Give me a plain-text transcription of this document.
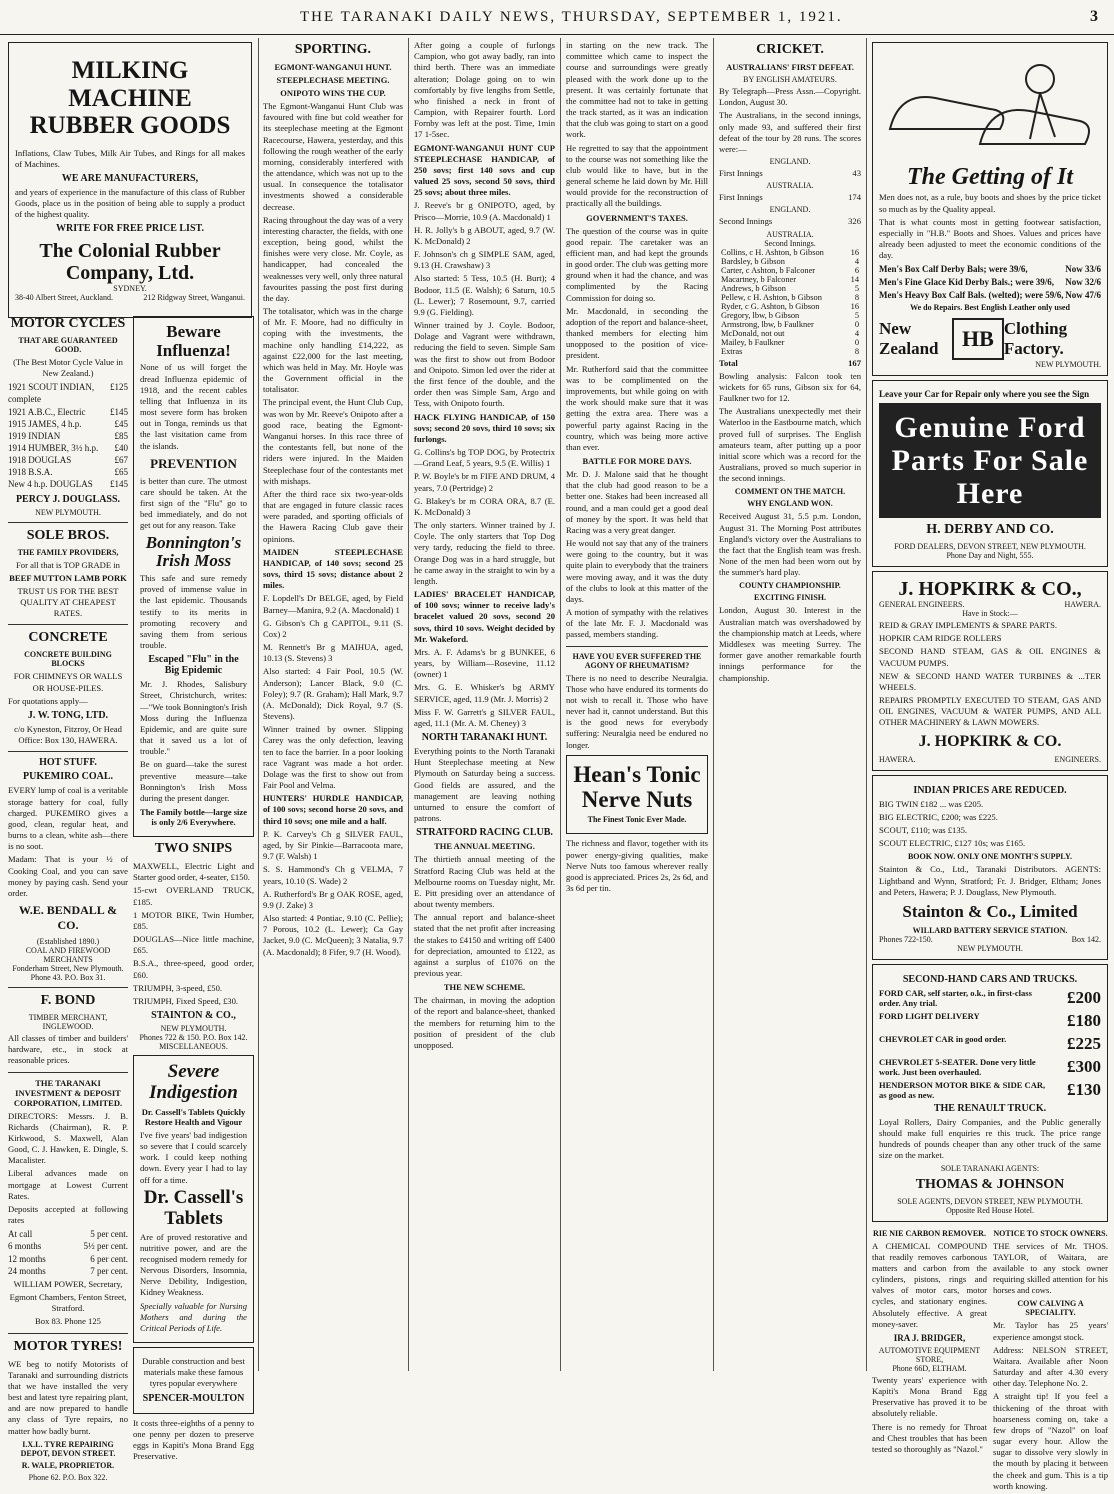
THE TARANAKI DAILY NEWS, THURSDAY, SEPTEMBER 1, 1921.	3
MILKING MACHINE RUBBER GOODS
Inflations, Claw Tubes, Milk Air Tubes, and Rings for all makes of Machines.
WE ARE MANUFACTURERS,
and years of experience in the manufacture of this class of Rubber Goods, place us in the position of being able to supply a product of the highest quality.
WRITE FOR FREE PRICE LIST.
The Colonial Rubber Company, Ltd.
SYDNEY.
38-40 Albert Street, Auckland.	212 Ridgway Street, Wanganui.
MOTOR CYCLES
THAT ARE GUARANTEED GOOD.
(The Best Motor Cycle Value in New Zealand.)
1921 SCOUT INDIAN, complete
£125
1921 A.B.C., Electric	£145
1915 JAMES, 4 h.p.	£45
1919 INDIAN	£85
1914 HUMBER, 3½ h.p. £40
1918 DOUGLAS	£67
1918 B.S.A.	£65
New 4 h.p. DOUGLAS £145
PERCY J. DOUGLASS.
NEW PLYMOUTH.
SOLE BROS.
THE FAMILY PROVIDERS,
For all that is TOP GRADE in
BEEF MUTTON LAMB PORK
TRUST US FOR THE BEST QUALITY AT CHEAPEST RATES.
CONCRETE
CONCRETE BUILDING BLOCKS
FOR CHIMNEYS OR WALLS OR HOUSE-PILES.
For quotations apply—
J. W. TONG, LTD.
c/o Kyneston, Fitzroy, Or Head Office: Box 130, HAWERA.
HOT STUFF.
PUKEMIRO COAL.
EVERY lump of coal is a veritable storage battery for coal, fully charged. PUKEMIRO gives a good, clean, regular heat, and burns to a clean, white ash—there is no soot.
Madam: That is your ½ of Cooking Coal, and you can save money by paying cash. Send your order.
W.E. BENDALL & CO.
(Established 1890.)
COAL AND FIREWOOD MERCHANTS
Fonderham Street, New Plymouth.
Phone 43. P.O. Box 31.
F. BOND
TIMBER MERCHANT, INGLEWOOD.
All classes of timber and builders' hardware, etc., in stock at reasonable prices.
THE TARANAKI INVESTMENT & DEPOSIT CORPORATION, LIMITED.
DIRECTORS: Messrs. J. B. Richards (Chairman), R. P. Kirkwood, S. Maxwell, Alan Good, C. J. Hawken, E. Dingle, S. Macalister.
Liberal advances made on mortgage at Lowest Current Rates.
Deposits accepted at following rates
At call	5 per cent.
6 months	5½ per cent.
12 months	6 per cent.
24 months	7 per cent.
WILLIAM POWER, Secretary,
Egmont Chambers, Fenton Street, Stratford.
Box 83. Phone 125
MOTOR TYRES!
WE beg to notify Motorists of Taranaki and surrounding districts that we have installed the very best and latest tyre repairing plant, and are now prepared to handle any class of Tyre repairs, no matter how badly burnt.
I.X.L. TYRE REPAIRING DEPOT, DEVON STREET.
R. WALE, PROPRIETOR.
Phone 62. P.O. Box 322.
Beware Influenza!
None of us will forget the dread Influenza epidemic of 1918, and the recent cables telling that Influenza in its most severe form has broken out in Tonga, reminds us that the last visitation came from the islands.
PREVENTION
is better than cure. The utmost care should be taken. At the first sign of the "Flu" go to bed immediately, and do not get out for any reason. Take
Bonnington's Irish Moss
This safe and sure remedy proved of immense value in the last epidemic. Thousands testify to its merits in promoting recovery and saving them from serious trouble.
Escaped "Flu" in the Big Epidemic
Mr. J. Rhodes, Salisbury Street, Christchurch, writes:—"We took Bonnington's Irish Moss during the Influenza Epidemic, and are quite sure that it saved us a lot of trouble."
Be on guard—take the surest preventive measure—take Bonnington's Irish Moss during the present danger.
The Family bottle—large size is only 2/6 Everywhere.
TWO SNIPS
MAXWELL, Electric Light and Starter good order, 4-seater, £150.
15-cwt OVERLAND TRUCK, £185.
1 MOTOR BIKE, Twin Humber, £85.
DOUGLAS—Nice little machine, £65.
B.S.A., three-speed, good order, £60.
TRIUMPH, 3-speed, £50.
TRIUMPH, Fixed Speed, £30.
STAINTON & CO.,
NEW PLYMOUTH.
Phones 722 & 150. P.O. Box 142.
MISCELLANEOUS.
Severe Indigestion
Dr. Cassell's Tablets Quickly Restore Health and Vigour
I've five years' bad indigestion so severe that I could scarcely work. I could keep nothing down. Every year I had to lay off for a time.
Dr. Cassell's Tablets
Are of proved restorative and nutritive power, and are the recognised modern remedy for Nervous Disorders, Insomnia, Nerve Debility, Indigestion, Kidney Weakness.
Specially valuable for Nursing Mothers and during the Critical Periods of Life.
Durable construction and best materials make these famous tyres popular everywhere
SPENCER-MOULTON
It costs three-eighths of a penny to one penny per dozen to preserve eggs in Kapiti's Mona Brand Egg Preservative.
SPORTING.
EGMONT-WANGANUI HUNT.
STEEPLECHASE MEETING.
ONIPOTO WINS THE CUP.
The Egmont-Wanganui Hunt Club was favoured with fine but cold weather for its steeplechase meeting at the Egmont Racecourse, Hawera, yesterday, and this following the rough weather of the early morning, considerably interfered with the attendance, which was not up to the usual. In consequence the totalisator investments showed a considerable decrease.
Racing throughout the day was of a very interesting character, the fields, with one exception, being good, whilst the finishes were very close. Mr. Coyle, as handicapper, had concealed the weaknesses very well, only three natural favourites passing the post first during the day.
The totalisator, which was in the charge of Mr. F. Moore, had no difficulty in coping with the investments, the machine only handling £14,222, as against £22,000 for the last meeting, which was held in May. Mr. Hoyle was the Government official in the totalisator.
The principal event, the Hunt Club Cup, was won by Mr. Reeve's Onipoto after a good race, beating the Egmont-Wanganui horses. In this race three of the contestants fell, but none of the riders were injured. In the Maiden Steeplechase four of the contestants met with mishaps.
After the third race six two-year-olds that are engaged in future classic races were paraded, and sporting officials of the Hawera Racing Club gave their opinions.
MAIDEN STEEPLECHASE HANDICAP, of 140 sovs; second 25 sovs, third 15 sovs; distance about 2 miles.
F. Lopdell's Dr BELGE, aged, by Field Barney—Manira, 9.2 (A. Macdonald) 1
G. Gibson's Ch g CAPITOL, 9.11 (S. Cox) 2
M. Rennett's Br g MAIHUA, aged, 10.13 (S. Stevens) 3
Also started: 4 Fair Pool, 10.5 (W. Anderson); Lancer Black, 9.0 (C. Foley); 9.7 (R. Graham); Hall Mark, 9.7 (A. McDonald); Dick Royal, 9.7 (S. Stevens).
Winner trained by owner. Slipping Carey was the only defection, leaving ten to face the barrier. In a poor looking race Vagrant was made a hot order. Dolage was the first to show out from Fair Pool and Velma.
HUNTERS' HURDLE HANDICAP, of 100 sovs; second horse 20 sovs, and third 10 sovs; one mile and a half.
P. K. Carvey's Ch g SILVER FAUL, aged, by Sir Pinkie—Barracoota mare, 9.7 (F. Walsh) 1
S. S. Hammond's Ch g VELMA, 7 years, 10.10 (S. Wade) 2
A. Rutherford's Br g OAK ROSE, aged, 9.9 (J. Zake) 3
Also started: 4 Pontiac, 9.10 (C. Pellie); 7 Porous, 10.2 (L. Lewer); Ca Gay Jacket, 9.0 (C. McQueen); 3 Natalia, 9.7 (A. Macdonald); 8 Fifer, 9.7 (H. Wood).
After going a couple of furlongs Campion, who got away badly, ran into third berth. There was an immediate alteration; Dolage going on to win comfortably by five lengths from Settle, who finished a neck in front of Campion, with Repairer fourth. Lord Fornby was left at the post. Time, 1min 17 1-5sec.
EGMONT-WANGANUI HUNT CUP STEEPLECHASE HANDICAP, of 250 sovs; first 140 sovs and cup valued 25 sovs, second 50 sovs, third 25 sovs; about three miles.
J. Reeve's br g ONIPOTO, aged, by Prisco—Morrie, 10.9 (A. Macdonald) 1
H. R. Jolly's b g ABOUT, aged, 9.7 (W. K. McDonald) 2
F. Johnson's ch g SIMPLE SAM, aged, 9.13 (H. Crawshaw) 3
Also started: 5 Tess, 10.5 (H. Burt); 4 Bodoor, 11.5 (E. Walsh); 6 Saturn, 10.5 (L. Lewer); 7 Rosemount, 9.7, carried 9.9 (G. Fielding).
Winner trained by J. Coyle. Bodoor, Dolage and Vagrant were withdrawn, reducing the field to seven. Simple Sam was the first to show out from Bodoor and Onipoto. Simon led over the rider at the first fence of the double, and the order then was Simple Sam, Argo and Tess, with Onipoto fourth.
HACK FLYING HANDICAP, of 150 sovs; second 20 sovs, third 10 sovs; six furlongs.
G. Collins's bg TOP DOG, by Protectrix—Grand Leaf, 5 years, 9.5 (E. Willis) 1
P. W. Boyle's br m FIFE AND DRUM, 4 years, 7.0 (Pertridge) 2
G. Blakey's br m CORA ORA, 8.7 (E. K. McDonald) 3
The only starters. Winner trained by J. Coyle. The only starters that Top Dog very tardy, reducing the field to three. Orange Dog was in a hard struggle, but he came away in the straight to win by a length.
LADIES' BRACELET HANDICAP, of 100 sovs; winner to receive lady's bracelet valued 20 sovs, second 20 sovs, third 10 sovs. Weight decided by Mr. Wakeford.
Mrs. A. F. Adams's br g BUNKEE, 6 years, by William—Rosevine, 11.12 (owner) 1
Mrs. G. E. Whisker's bg ARMY SERVICE, aged, 11.9 (Mr. J. Morris) 2
Miss F. W. Garrett's g SILVER FAUL, aged, 11.1 (Mr. A. M. Cheney) 3
NORTH TARANAKI HUNT.
Everything points to the North Taranaki Hunt Steeplechase meeting at New Plymouth on Saturday being a success. Good fields are assured, and the management are leaving nothing unturned to ensure the comfort of patrons.
STRATFORD RACING CLUB.
THE ANNUAL MEETING.
The thirtieth annual meeting of the Stratford Racing Club was held at the Melbourne rooms on Tuesday night, Mr. E. Pitt presiding over an attendance of about twenty members.
The annual report and balance-sheet stated that the net profit after increasing the stakes to £4150 and writing off £400 for depreciation, amounted to £122, as against a surplus of £1076 on the previous year.
THE NEW SCHEME.
The chairman, in moving the adoption of the report and balance-sheet, thanked the members for returning him to the position of president of the club unopposed.
in starting on the new track. The committee which came to inspect the course and surroundings were greatly pleased with the work done up to the present. It was certainly fortunate that the committee had not to take in getting the track started, as it was an indication that the club was going to start on a good work.
He regretted to say that the appointment to the course was not something like the club would like to have, but in the general scheme he laid down by Mr. Hill would provide for the reconstruction of practically all the buildings.
GOVERNMENT'S TAXES.
The question of the course was in quite good repair. The caretaker was an efficient man, and had kept the grounds in good order. The club was getting more ground when it had the chance, and was complimented by the Racing Commission for doing so.
Mr. Macdonald, in seconding the adoption of the report and balance-sheet, thanked members for electing him unopposed to the position of vice-president.
Mr. Rutherford said that the committee was to be complimented on the improvements, but while going on with the work should make sure that it was getting the extra area. There was a powerful party against Racing in the country, which was being more active than ever.
BATTLE FOR MORE DAYS.
Mr. D. J. Malone said that he thought that the club had good reason to be a better one. Stakes had been increased all round, and a man could get a good deal of money by the sport. It was held that Racing was a very great danger.
He would not say that any of the trainers were going to the country, but it was quite plain to everybody that the trainers were moving away, and it was the duty of the clubs to look at this matter of the days.
A motion of sympathy with the relatives of the late Mr. F. J. Macdonald was passed, members standing.
HAVE YOU EVER SUFFERED THE AGONY OF RHEUMATISM?
There is no need to describe Neuralgia. Those who have endured its torments do not wish to recall it. Those who have never had it, cannot understand. But this is the good news for everybody suffering: Neuralgia need be endured no longer.
Hean's Tonic Nerve Nuts
The Finest Tonic Ever Made.
The richness and flavor, together with its power energy-giving qualities, make Nerve Nuts too famous wherever really good is appreciated. Prices 2s, 2s 6d, and 3s 6d per tin.
CRICKET.
AUSTRALIANS' FIRST DEFEAT.
BY ENGLISH AMATEURS.
By Telegraph—Press Assn.—Copyright. London, August 30.
The Australians, in the second innings, only made 93, and suffered their first defeat of the tour by 28 runs. The scores were:—
ENGLAND.
First Innings	43
AUSTRALIA.
First Innings	174
ENGLAND.
Second Innings	326
AUSTRALIA.
Second Innings.
Collins, c H. Ashton, b Gibson	16
Bardsley, b Gibson	4
Carter, c Ashton, b Falconer	6
Macartney, b Falconer	14
Andrews, b Gibson	5
Pellew, c H. Ashton, b Gibson	8
Ryder, c G. Ashton, b Gibson	16
Gregory, lbw, b Gibson	5
Armstrong, lbw, b Faulkner	0
McDonald, not out	4
Mailey, b Faulkner	0
Extras	8
Total	167
Bowling analysis: Falcon took ten wickets for 65 runs, Gibson six for 64, Faulkner two for 12.
The Australians unexpectedly met their Waterloo in the Eastbourne match, which proved full of surprises. The English amateurs team, after putting up a poor initial score which was a record for the Australians, proved so much superior in the second innings.
COMMENT ON THE MATCH.
WHY ENGLAND WON.
Received August 31, 5.5 p.m. London, August 31. The Morning Post attributes England's victory over the Australians to the fact that the English team was fresh. None of the men had been worn out by the summer's hard play.
COUNTY CHAMPIONSHIP.
EXCITING FINISH.
London, August 30. Interest in the Australian match was overshadowed by the championship match at Leeds, where Middlesex was meeting Surrey. The former gave another remarkable fourth innings performance for the championship.
The Getting of It
Men does not, as a rule, buy boots and shoes by the price ticket so much as by the Quality appeal.
That is what counts most in getting footwear satisfaction, especially in "H.B." Boots and Shoes. Values and prices have already been adjusted to meet the economic conditions of the day.
Men's Box Calf Derby Bals; were 39/6,	Now 33/6
Men's Fine Glace Kid Derby Bals.; were 39/6, Now 32/6
Men's Heavy Box Calf Bals. (welted); were 59/6, Now 47/6
We do Repairs. Best English Leather only used
New Zealand	HB Clothing Factory.
NEW PLYMOUTH.
Leave your Car for Repair only where you see the Sign
Genuine Ford Parts For Sale Here
H. DERBY AND CO.
FORD DEALERS, DEVON STREET, NEW PLYMOUTH.
Phone Day and Night, 555.
J. HOPKIRK & CO.,
GENERAL ENGINEERS.	HAWERA.
Have in Stock:—
REID & GRAY IMPLEMENTS & SPARE PARTS.
HOPKIR CAM RIDGE ROLLERS
SECOND HAND STEAM, GAS & OIL ENGINES & VACUUM PUMPS.
NEW & SECOND HAND WATER TURBINES & ...TER WHEELS.
REPAIRS PROMPTLY EXECUTED TO STEAM, GAS AND OIL ENGINES, VACUUM & WATER PUMPS, AND ALL OTHER MACHINERY & LAWN MOWERS.
J. HOPKIRK & CO.
HAWERA.	ENGINEERS.
INDIAN PRICES ARE REDUCED.
BIG TWIN £182 ... was £205.
BIG ELECTRIC, £200; was £225.
SCOUT, £110; was £135.
SCOUT ELECTRIC, £127 10s; was £165.
BOOK NOW. ONLY ONE MONTH'S SUPPLY.
Stainton & Co., Ltd., Taranaki Distributors. AGENTS: Lightband and Wynn, Stratford; Fr. J. Bridger, Eltham; Jones and Peters, Hawera; P. J. Douglass, New Plymouth.
Stainton & Co., Limited
WILLARD BATTERY SERVICE STATION.
Phones 722-150.	Box 142.
NEW PLYMOUTH.
SECOND-HAND CARS AND TRUCKS.
FORD CAR, self starter, o.k., in first-class order. Any trial.	£200
FORD LIGHT DELIVERY	£180
CHEVROLET CAR in good order.	£225
CHEVROLET 5-SEATER. Done very little work. Just been overhauled.	£300
HENDERSON MOTOR BIKE & SIDE CAR, as good as new.	£130
THE RENAULT TRUCK.
Loyal Rollers, Dairy Companies, and the Public generally should make full enquiries re this truck. The price range hundreds of pounds cheaper than any other truck of the same size on the market.
SOLE TARANAKI AGENTS:
THOMAS & JOHNSON
SOLE AGENTS, DEVON STREET, NEW PLYMOUTH.
Opposite Red House Hotel.
RIE NIE CARBON REMOVER.
A CHEMICAL COMPOUND that readily removes carbonous matters and carbon from the cylinders, pistons, rings and valves of motor cars, motor cycles, and stationary engines. Absolutely effective. A great money-saver.
IRA J. BRIDGER,
AUTOMOTIVE EQUIPMENT STORE,
Phone 66D, ELTHAM.
Twenty years' experience with Kapiti's Mona Brand Egg Preservative has proved it to be absolutely reliable.
There is no remedy for Throat and Chest troubles that has been tested so thoroughly as "Nazol."
NOTICE TO STOCK OWNERS.
THE services of Mr. THOS. TAYLOR, of Waitara, are available to any stock owner requiring skilled attention for his horses and cows.
COW CALVING A SPECIALITY.
Mr. Taylor has 25 years' experience amongst stock.
Address: NELSON STREET, Waitara. Available after Noon Saturday and after 4.30 every other day. Telephone No. 2.
A straight tip! If you feel a thickening of the throat with hoarseness coming on, take a few drops of "Nazol" on loaf sugar every hour. Allow the sugar to dissolve very slowly in the mouth by placing it between the cheek and gum. This is a tip worth knowing.
